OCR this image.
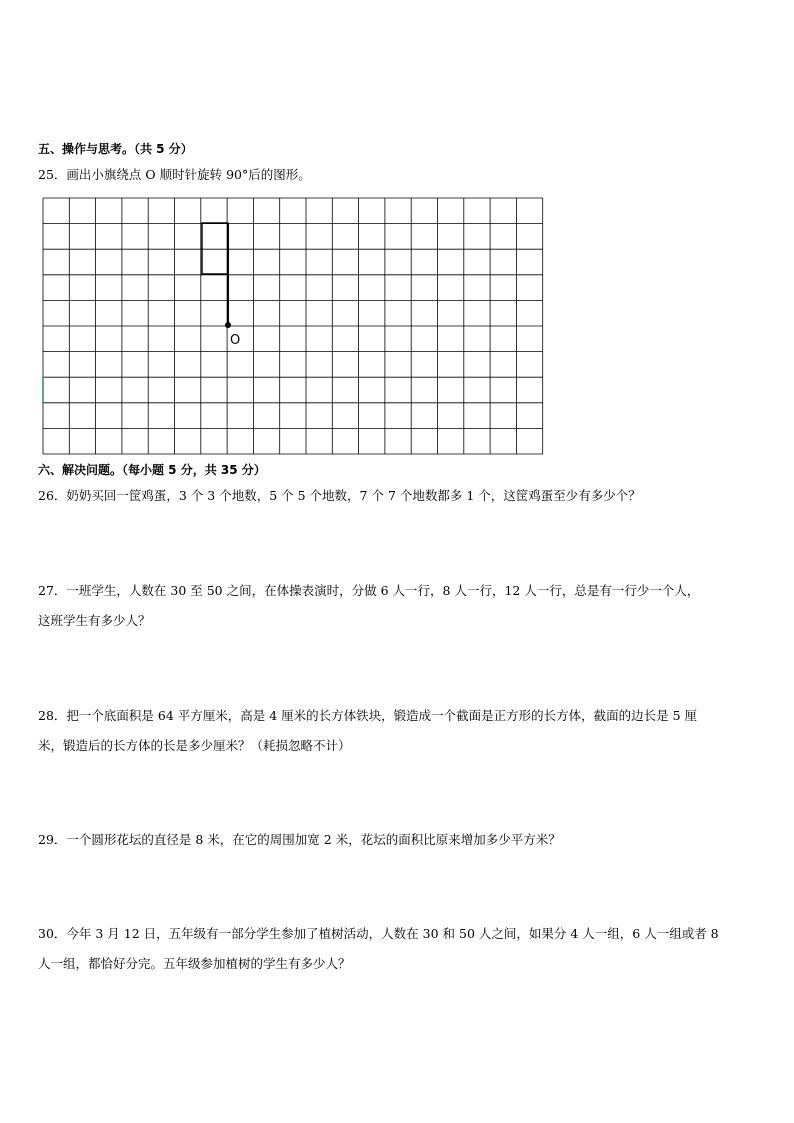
五、操作与思考。（共 5 分）
25．画出小旗绕点 O 顺时针旋转 90°后的图形。
O
六、解决问题。（每小题 5 分，共 35 分）
26．奶奶买回一筐鸡蛋，3 个 3 个地数，5 个 5 个地数，7 个 7 个地数都多 1 个，这筐鸡蛋至少有多少个？
27．一班学生，人数在 30 至 50 之间，在体操表演时，分做 6 人一行，8 人一行，12 人一行，总是有一行少一个人，
这班学生有多少人？
28．把一个底面积是 64 平方厘米，高是 4 厘米的长方体铁块，锻造成一个截面是正方形的长方体，截面的边长是 5 厘
米，锻造后的长方体的长是多少厘米？（耗损忽略不计）
29．一个圆形花坛的直径是 8 米，在它的周围加宽 2 米，花坛的面积比原来增加多少平方米？
30．今年 3 月 12 日，五年级有一部分学生参加了植树活动，人数在 30 和 50 人之间，如果分 4 人一组，6 人一组或者 8
人一组，都恰好分完。五年级参加植树的学生有多少人？
